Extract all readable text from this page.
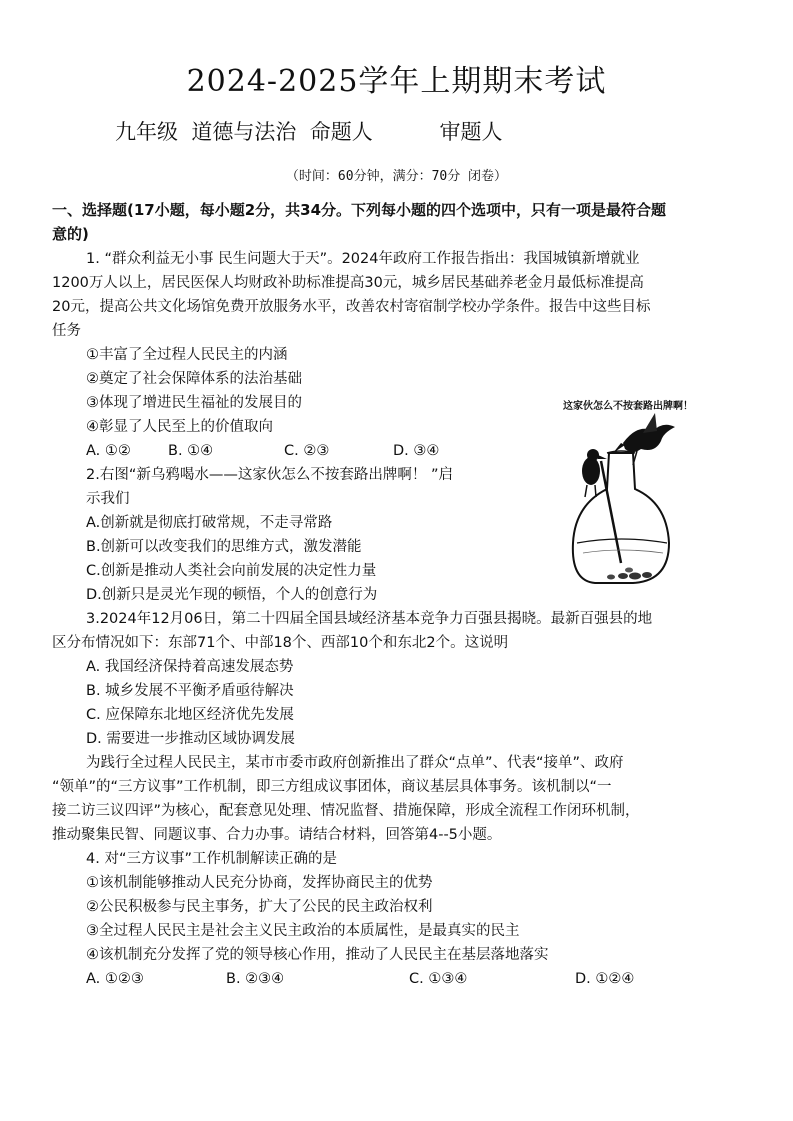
2024-2025学年上期期末考试
九年级  道德与法治  命题人          审题人
（时间：60分钟，满分：70分 闭卷）
一、选择题(17小题，每小题2分，共34分。下列每小题的四个选项中，只有一项是最符合题
意的)
1. “群众利益无小事 民生问题大于天”。2024年政府工作报告指出：我国城镇新增就业
1200万人以上，居民医保人均财政补助标准提高30元，城乡居民基础养老金月最低标准提高
20元，提高公共文化场馆免费开放服务水平，改善农村寄宿制学校办学条件。报告中这些目标
任务
①丰富了全过程人民民主的内涵
②奠定了社会保障体系的法治基础
③体现了增进民生福祉的发展目的
④彰显了人民至上的价值取向
A. ①②	B. ①④	C. ②③	D. ③④
2.右图“新乌鸦喝水——这家伙怎么不按套路出牌啊！ ”启
示我们
A.创新就是彻底打破常规，不走寻常路
B.创新可以改变我们的思维方式，激发潜能
C.创新是推动人类社会向前发展的决定性力量
D.创新只是灵光乍现的顿悟，个人的创意行为
这家伙怎么不按套路出牌啊！
3.2024年12月06日，第二十四届全国县域经济基本竞争力百强县揭晓。最新百强县的地
区分布情况如下：东部71个、中部18个、西部10个和东北2个。这说明
A. 我国经济保持着高速发展态势
B. 城乡发展不平衡矛盾亟待解决
C. 应保障东北地区经济优先发展
D. 需要进一步推动区域协调发展
为践行全过程人民民主，某市市委市政府创新推出了群众“点单”、代表“接单”、政府
“领单”的“三方议事”工作机制，即三方组成议事团体，商议基层具体事务。该机制以“一
接二访三议四评”为核心，配套意见处理、情况监督、措施保障，形成全流程工作闭环机制，
推动聚集民智、同题议事、合力办事。请结合材料，回答第4--5小题。
4. 对“三方议事”工作机制解读正确的是
①该机制能够推动人民充分协商，发挥协商民主的优势
②公民积极参与民主事务，扩大了公民的民主政治权利
③全过程人民民主是社会主义民主政治的本质属性，是最真实的民主
④该机制充分发挥了党的领导核心作用，推动了人民民主在基层落地落实
A. ①②③	B. ②③④	C. ①③④	D. ①②④
